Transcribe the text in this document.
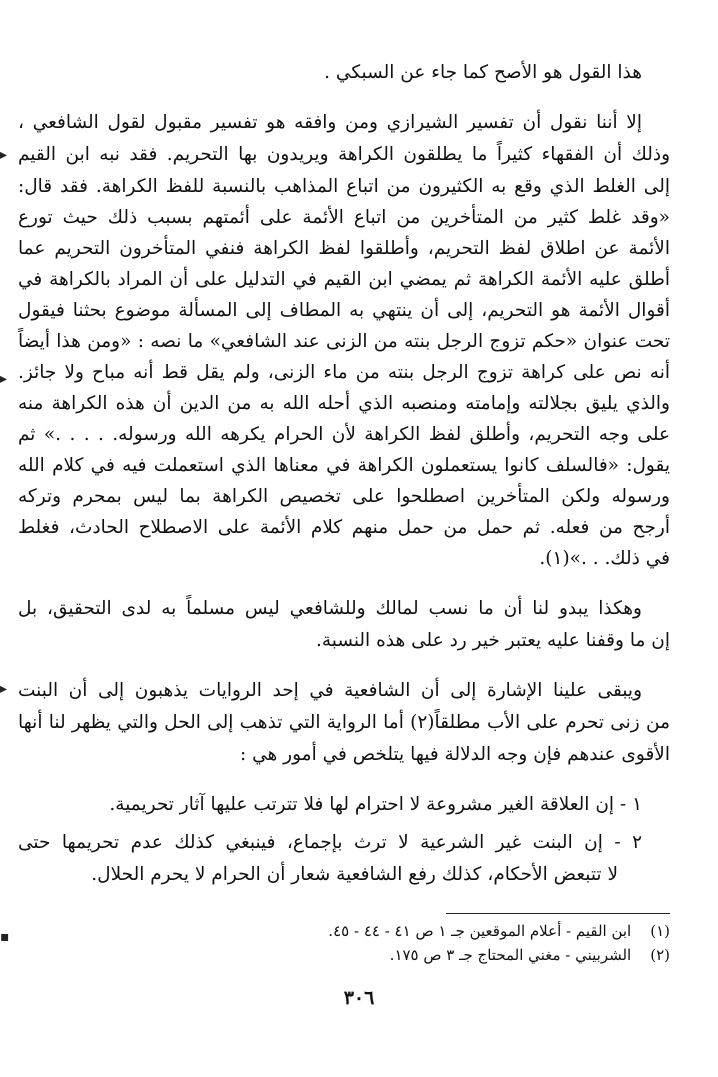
هذا القول هو الأصح كما جاء عن السبكي .
إلا أننا نقول أن تفسير الشيرازي ومن وافقه هو تفسير مقبول لقول الشافعي ،
وذلك أن الفقهاء كثيراً ما يطلقون الكراهة ويريدون بها التحريم. فقد نبه ابن القيم
إلى الغلط الذي وقع به الكثيرون من اتباع المذاهب بالنسبة للفظ الكراهة. فقد قال:
«وقد غلط كثير من المتأخرين من اتباع الأئمة على أئمتهم بسبب ذلك حيث تورع
الأئمة عن اطلاق لفظ التحريم، وأطلقوا لفظ الكراهة فنفي المتأخرون التحريم عما
أطلق عليه الأئمة الكراهة ثم يمضي ابن القيم في التدليل على أن المراد بالكراهة في
أقوال الأئمة هو التحريم، إلى أن ينتهي به المطاف إلى المسألة موضوع بحثنا فيقول
تحت عنوان «حكم تزوج الرجل بنته من الزنى عند الشافعي» ما نصه : «ومن هذا أيضاً
أنه نص على كراهة تزوج الرجل بنته من ماء الزنى، ولم يقل قط أنه مباح ولا جائز.
والذي يليق بجلالته وإمامته ومنصبه الذي أحله الله به من الدين أن هذه الكراهة منه
على وجه التحريم، وأطلق لفظ الكراهة لأن الحرام يكرهه الله ورسوله. . . . .» ثم
يقول: «فالسلف كانوا يستعملون الكراهة في معناها الذي استعملت فيه في كلام الله
ورسوله ولكن المتأخرين اصطلحوا على تخصيص الكراهة بما ليس بمحرم وتركه
أرجح من فعله. ثم حمل من حمل منهم كلام الأئمة على الاصطلاح الحادث، فغلط
في ذلك. . .»(١).
وهكذا يبدو لنا أن ما نسب لمالك وللشافعي ليس مسلماً به لدى التحقيق، بل
إن ما وقفنا عليه يعتبر خير رد على هذه النسبة.
ويبقى علينا الإشارة إلى أن الشافعية في إحد الروايات يذهبون إلى أن البنت
من زنى تحرم على الأب مطلقاً(٢) أما الرواية التي تذهب إلى الحل والتي يظهر لنا أنها
الأقوى عندهم فإن وجه الدلالة فيها يتلخص في أمور هي :
١ - إن العلاقة الغير مشروعة لا احترام لها فلا تترتب عليها آثار تحريمية.
٢ - إن البنت غير الشرعية لا ترث بإجماع، فينبغي كذلك عدم تحريمها حتى
لا تتبعض الأحكام، كذلك رفع الشافعية شعار أن الحرام لا يحرم الحلال.
(١) ابن القيم - أعلام الموقعين جـ ١ ص ٤١ - ٤٤ - ٤٥.
(٢) الشربيني - مغني المحتاج جـ ٣ ص ١٧٥.
٣٠٦
▸
▸
▸
▪
